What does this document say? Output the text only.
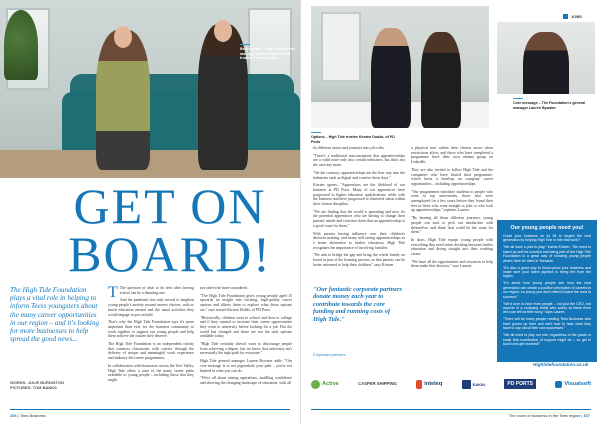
Bellying nail – High Tide general manager Lauren Bywater and trustee Kirsten Dodds
GET ON
BOARD!
The High Tide Foundation plays a vital role in helping to inform Teess youngsters about the many career opportunities in our region – and it's looking for more businesses to help spread the good news...
WORDS: JULIE BURNISTON
PICTURES: TOM BANKS

T The question of what to do next after leaving school can be a daunting one.

And the pandemic has only served to heighten young people's anxiety around careers choices, with so much education missed and the usual activities they would engage in put on hold.

That's why the High Tide Foundation says it's more important than ever for the business community to work together to support our young people and help them achieve the futures they deserve.

The High Tide Foundation is an independent charity that connects classrooms with careers through the delivery of unique and meaningful work experience and industry-led career programmes.

In collaboration with businesses across the Tees Valley, High Tide offers a taste of the many career paths available to young people – including those that they might

not otherwise have considered.

"The High Tide Foundation gives young people aged 15 upwards an insight into exciting, high-quality career options and allows them to explore what those options are," says trustee Kirsten Dodds, of PD Ports.

"Historically, children went to school and then to college and if they wanted to increase their career opportunities they went to university before looking for a job. But the world has changed and these are not the only options available today.

"High Tide certainly doesn't want to discourage people from achieving a degree, but we know that university isn't necessarily the right path for everyone."

High Tide general manager Lauren Bywater adds: "Our core message is to not pigeonhole your path – you're not limited in what you can do.

"We're all about raising aspirations, instilling confidence and showing the changing landscape of education, with all

106 | Tees Business
Options – High Tide trustee Kirsten Dodds, of PD Ports
JOBS
Core message – The Foundation's general manager Lauren Bywater

its different routes and journeys into job roles.

"There's a traditional misconception that apprenticeships are a valid route only into certain industries, but that's not the case any more.

"On the contrary, apprenticeships are the best way into the industries such as digital and creative these days."

Kirsten agrees: "Apprentices are the lifeblood of our business at PD Ports. Many of our apprentices have progressed to higher education qualifications while with the business and have progressed to chartered status within their chosen discipline.

"We are finding that the world is spreading and now it's the potential apprentices who are having to change their parents' minds and convince them that an apprenticeship is a good route for them."

With parents having influence over their children's decision making, and many still seeing apprenticeships as a lesser alternative to further education, High Tide recognises the importance of involving families.

"We aim to bridge the gap and bring the whole family on board as part of the learning process, so that parents can be better informed to help their children," says Kirsten.

"Our fantastic corporate partners donate money each year to contribute towards the core funding and running costs of High Tide."
Corporate partners

a physical tour within their chosen sector when restrictions allow, and those who have completed a programme have their own alumni group on LinkedIn.

They are also invited to follow High Tide and the companies who have hosted their programme, which hosts a head-up on company career opportunities – including apprenticeships.

"Our programmes introduce students to people who went to top universities, those who were unemployed for a few years before they found their feet or those who went straight to jobs or who took up apprenticeships," explains Lauren.

"By hearing all those different journeys, young people can start to pick out similarities with themselves and think 'that could be the route for them'."

In short, High Tide equips young people with everything they need when deciding between further education and diving straight into their working career.

"We have all the opportunities and resources to help them make that decision," says Lauren.

Our young people need you!

Could your business do its bit to inspire the next generation by helping High Tide in this vital work?

"We all have a part to play," insists Kirsten. "We need to stand up and be counted and being part of the High Tide Foundation is a great way of showing young people what's here for them in Teesside.

"It's also a great way to future-proof your business and make sure your talent pipeline is being fed from the region.

"It's about how young people see how the next generation can create a positive perception of careers in our region, so young you don't need to leave the area to succeed."

"We'd love to hear from people – not just the CEO, but anyone in a company really who works at these firms who can tell us their story," says Lauren.

"There will be many people reading Tees Business who have grown up here and we'd love to hear what they have to say about their own successes."

"We all need to play our role, regardless of the grade or small that contribution of support might be – so get in touch and get involved!"

Hightidefoundation.co.uk
Active	CASPER SHIPPING	inteleq	EAKIN	PD PORTS	Visualsoft
The voice of business in the Tees region | 107
